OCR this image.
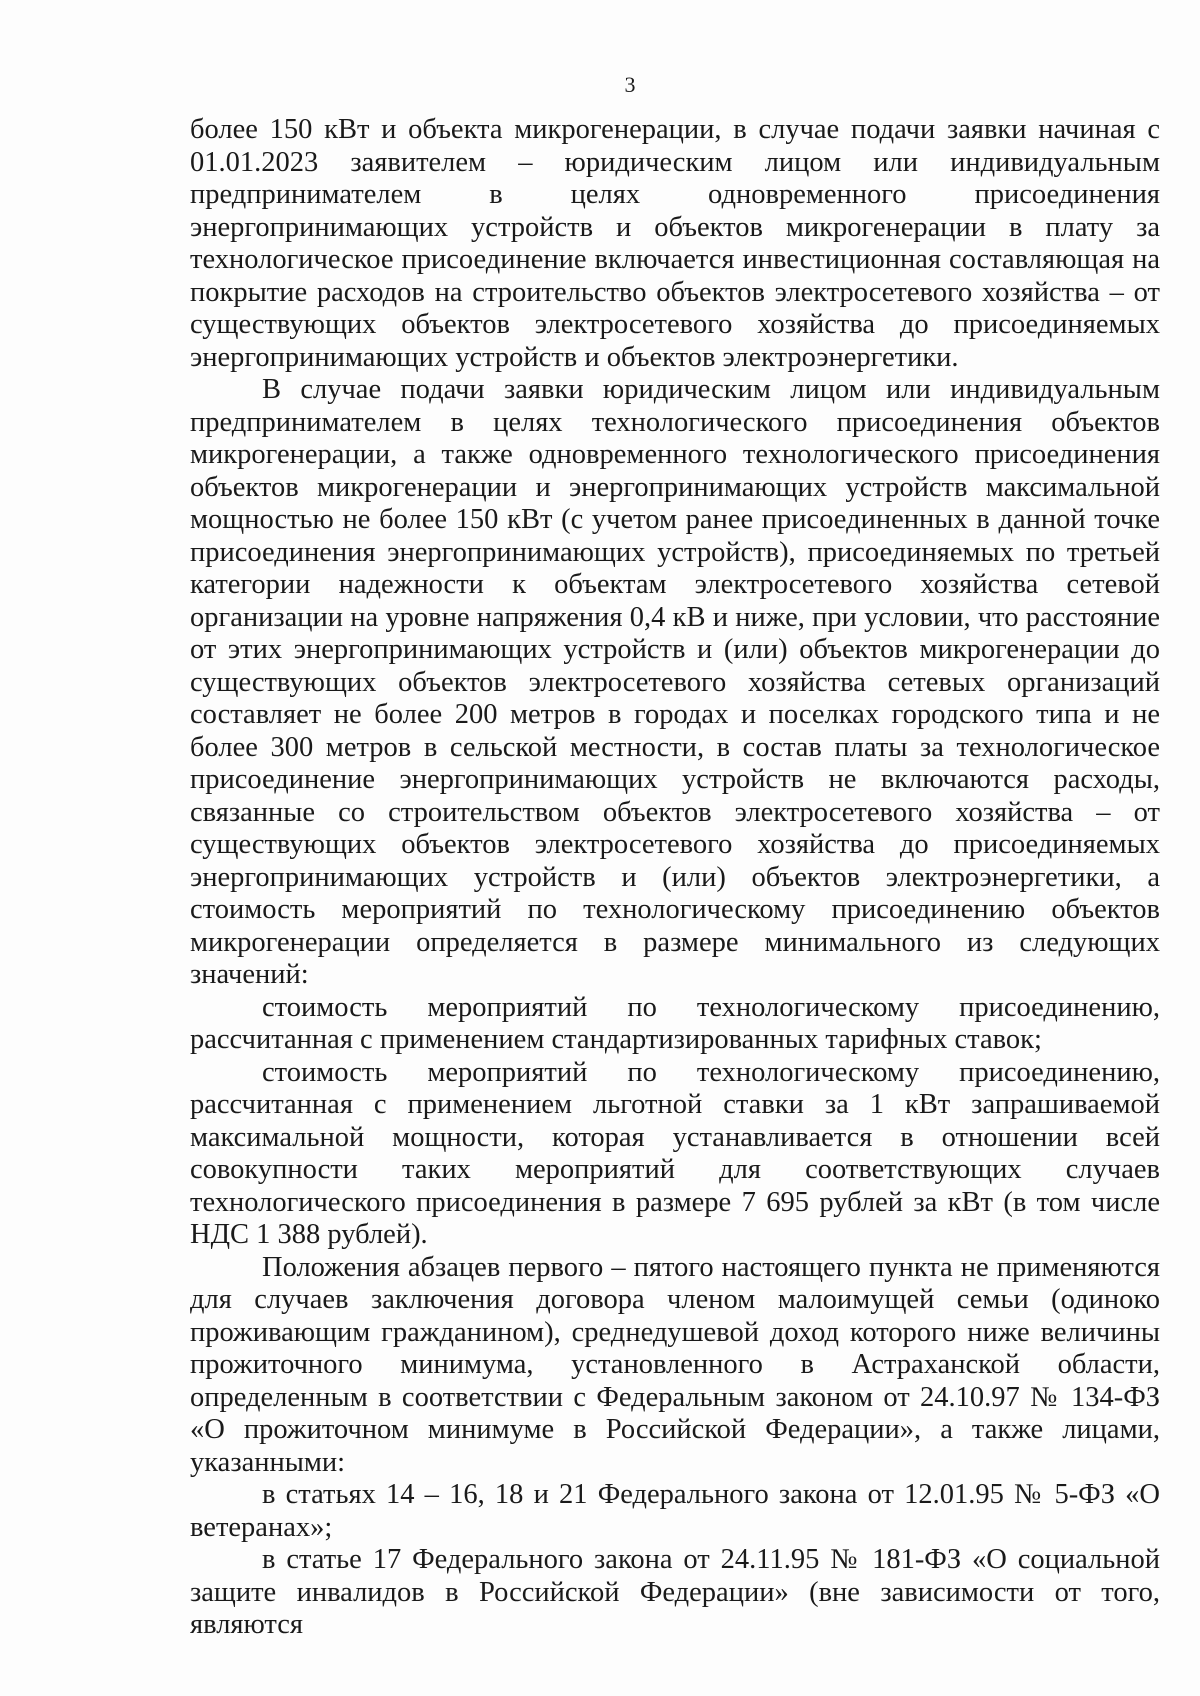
3

более 150 кВт и объекта микрогенерации, в случае подачи заявки начиная с 01.01.2023 заявителем – юридическим лицом или индивидуальным предпринимателем в целях одновременного присоединения энергопринимающих устройств и объектов микрогенерации в плату за технологическое присоединение включается инвестиционная составляющая на покрытие расходов на строительство объектов электросетевого хозяйства – от существующих объектов электросетевого хозяйства до присоединяемых энергопринимающих устройств и объектов электроэнергетики.

В случае подачи заявки юридическим лицом или индивидуальным предпринимателем в целях технологического присоединения объектов микрогенерации, а также одновременного технологического присоединения объектов микрогенерации и энергопринимающих устройств максимальной мощностью не более 150 кВт (с учетом ранее присоединенных в данной точке присоединения энергопринимающих устройств), присоединяемых по третьей категории надежности к объектам электросетевого хозяйства сетевой организации на уровне напряжения 0,4 кВ и ниже, при условии, что расстояние от этих энергопринимающих устройств и (или) объектов микрогенерации до существующих объектов электросетевого хозяйства сетевых организаций составляет не более 200 метров в городах и поселках городского типа и не более 300 метров в сельской местности, в состав платы за технологическое присоединение энергопринимающих устройств не включаются расходы, связанные со строительством объектов электросетевого хозяйства – от существующих объектов электросетевого хозяйства до присоединяемых энергопринимающих устройств и (или) объектов электроэнергетики, а стоимость мероприятий по технологическому присоединению объектов микрогенерации определяется в размере минимального из следующих значений:

стоимость мероприятий по технологическому присоединению, рассчитанная с применением стандартизированных тарифных ставок;

стоимость мероприятий по технологическому присоединению, рассчитанная с применением льготной ставки за 1 кВт запрашиваемой максимальной мощности, которая устанавливается в отношении всей совокупности таких мероприятий для соответствующих случаев технологического присоединения в размере 7 695 рублей за кВт (в том числе НДС 1 388 рублей).

Положения абзацев первого – пятого настоящего пункта не применяются для случаев заключения договора членом малоимущей семьи (одиноко проживающим гражданином), среднедушевой доход которого ниже величины прожиточного минимума, установленного в Астраханской области, определенным в соответствии с Федеральным законом от 24.10.97 № 134-ФЗ «О прожиточном минимуме в Российской Федерации», а также лицами, указанными:

в статьях 14 – 16, 18 и 21 Федерального закона от 12.01.95 № 5-ФЗ «О ветеранах»;

в статье 17 Федерального закона от 24.11.95 № 181-ФЗ «О социальной защите инвалидов в Российской Федерации» (вне зависимости от того, являются
